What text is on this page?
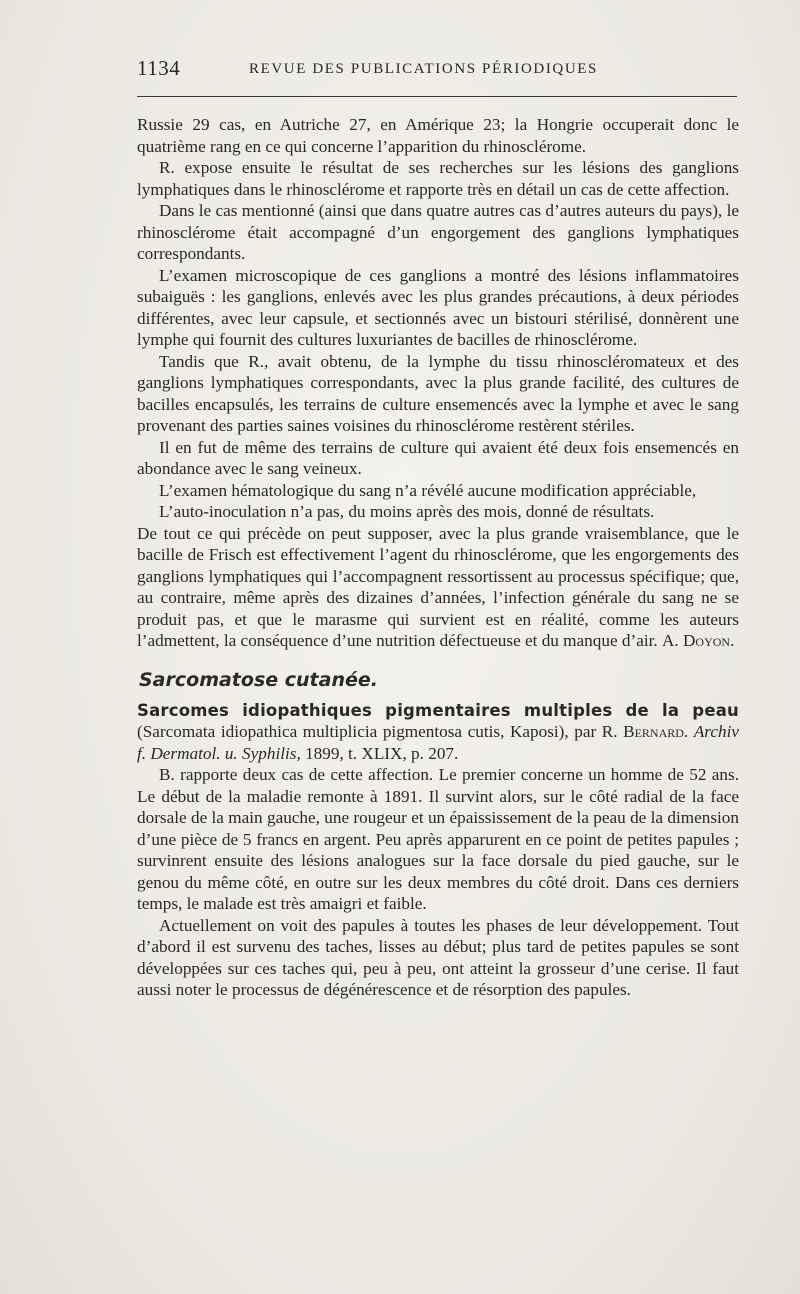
1134	REVUE DES PUBLICATIONS PÉRIODIQUES

Russie 29 cas, en Autriche 27, en Amérique 23; la Hongrie occuperait donc le quatrième rang en ce qui concerne l’apparition du rhinosclérome.

R. expose ensuite le résultat de ses recherches sur les lésions des ganglions lymphatiques dans le rhinosclérome et rapporte très en détail un cas de cette affection.

Dans le cas mentionné (ainsi que dans quatre autres cas d’autres auteurs du pays), le rhinosclérome était accompagné d’un engorgement des ganglions lymphatiques correspondants.

L’examen microscopique de ces ganglions a montré des lésions inflammatoires subaiguës : les ganglions, enlevés avec les plus grandes précautions, à deux périodes différentes, avec leur capsule, et sectionnés avec un bistouri stérilisé, donnèrent une lymphe qui fournit des cultures luxuriantes de bacilles de rhinosclérome.

Tandis que R., avait obtenu, de la lymphe du tissu rhinoscléromateux et des ganglions lymphatiques correspondants, avec la plus grande facilité, des cultures de bacilles encapsulés, les terrains de culture ensemencés avec la lymphe et avec le sang provenant des parties saines voisines du rhinosclérome restèrent stériles.

Il en fut de même des terrains de culture qui avaient été deux fois ensemencés en abondance avec le sang veineux.

L’examen hématologique du sang n’a révélé aucune modification appréciable,

L’auto-inoculation n’a pas, du moins après des mois, donné de résultats.

De tout ce qui précède on peut supposer, avec la plus grande vraisemblance, que le bacille de Frisch est effectivement l’agent du rhinosclérome, que les engorgements des ganglions lymphatiques qui l’accompagnent ressortissent au processus spécifique; que, au contraire, même après des dizaines d’années, l’infection générale du sang ne se produit pas, et que le marasme qui survient est en réalité, comme les auteurs l’admettent, la conséquence d’une nutrition défectueuse et du manque d’air. A. Doyon.

Sarcomatose cutanée.

Sarcomes idiopathiques pigmentaires multiples de la peau (Sarcomata idiopathica multiplicia pigmentosa cutis, Kaposi), par R. Bernard. Archiv f. Dermatol. u. Syphilis, 1899, t. XLIX, p. 207.

B. rapporte deux cas de cette affection. Le premier concerne un homme de 52 ans. Le début de la maladie remonte à 1891. Il survint alors, sur le côté radial de la face dorsale de la main gauche, une rougeur et un épaississement de la peau de la dimension d’une pièce de 5 francs en argent. Peu après apparurent en ce point de petites papules ; survinrent ensuite des lésions analogues sur la face dorsale du pied gauche, sur le genou du même côté, en outre sur les deux membres du côté droit. Dans ces derniers temps, le malade est très amaigri et faible.

Actuellement on voit des papules à toutes les phases de leur développement. Tout d’abord il est survenu des taches, lisses au début; plus tard de petites papules se sont développées sur ces taches qui, peu à peu, ont atteint la grosseur d’une cerise. Il faut aussi noter le processus de dégénérescence et de résorption des papules.
